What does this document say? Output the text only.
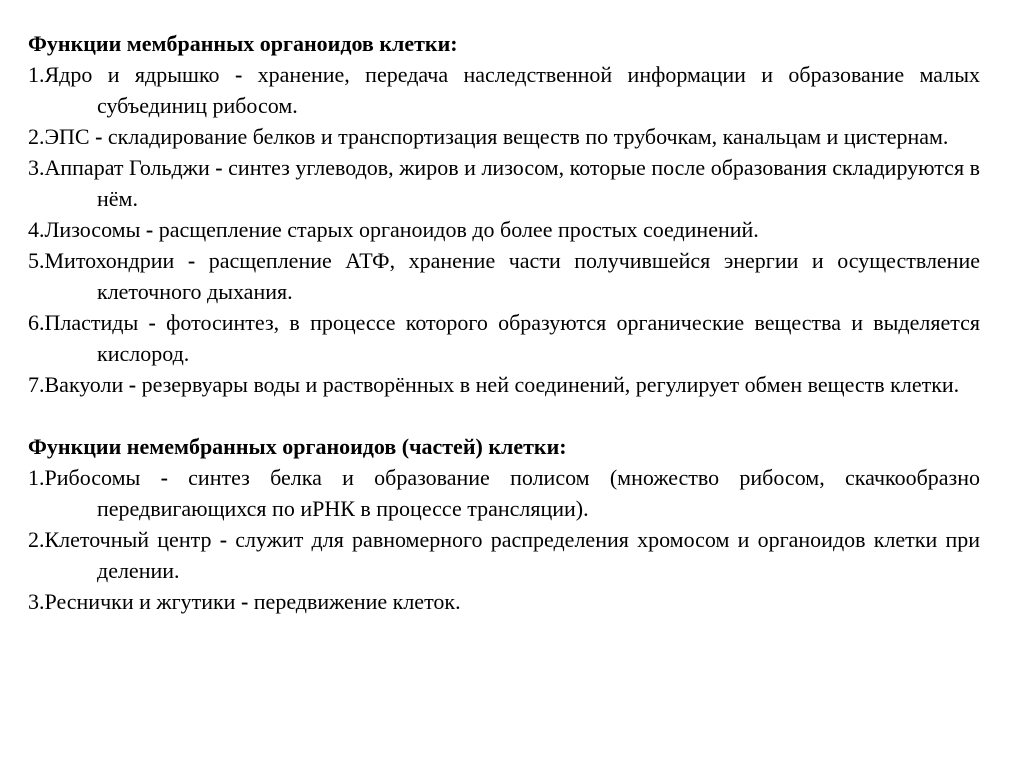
Функции мембранных органоидов клетки:

1.Ядро и ядрышко - хранение, передача наследственной информации и образование малых субъединиц рибосом.
2.ЭПС - складирование белков и транспортизация веществ по трубочкам, канальцам и цистернам.
3.Аппарат Гольджи - синтез углеводов, жиров и лизосом, которые после образования складируются в нём.
4.Лизосомы - расщепление старых органоидов до более простых соединений.
5.Митохондрии - расщепление АТФ, хранение части получившейся энергии и осуществление клеточного дыхания.
6.Пластиды - фотосинтез, в процессе которого образуются органические вещества и выделяется кислород.
7.Вакуоли - резервуары воды и растворённых в ней соединений, регулирует обмен веществ клетки.

Функции немембранных органоидов (частей) клетки:

1.Рибосомы - синтез белка и образование полисом (множество рибосом, скачкообразно передвигающихся по иРНК в процессе трансляции).
2.Клеточный центр - служит для равномерного распределения хромосом и органоидов клетки при делении.
3.Реснички и жгутики - передвижение клеток.
